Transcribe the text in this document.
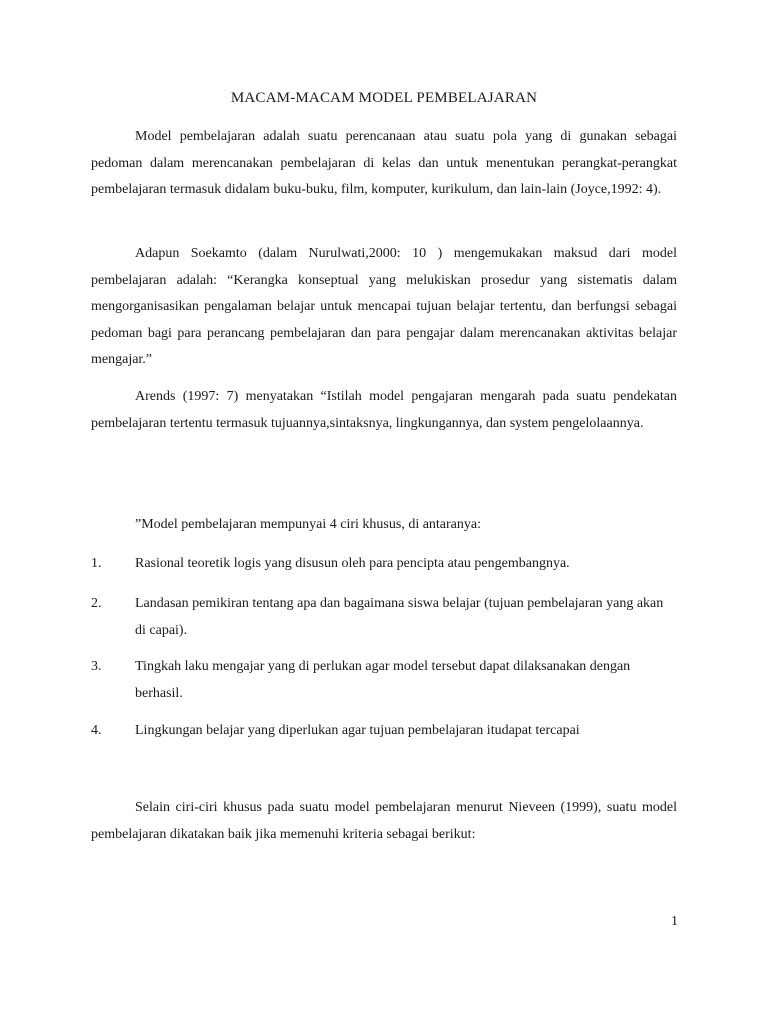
MACAM-MACAM MODEL PEMBELAJARAN
Model pembelajaran adalah suatu perencanaan atau suatu pola yang di gunakan sebagai pedoman dalam merencanakan pembelajaran di kelas dan untuk menentukan perangkat-perangkat pembelajaran termasuk didalam buku-buku, film, komputer, kurikulum, dan lain-lain (Joyce,1992: 4).
Adapun Soekamto (dalam Nurulwati,2000: 10 ) mengemukakan maksud dari model pembelajaran adalah: “Kerangka konseptual yang melukiskan prosedur yang sistematis dalam mengorganisasikan pengalaman belajar untuk mencapai tujuan belajar tertentu, dan berfungsi sebagai pedoman bagi para perancang pembelajaran dan para pengajar dalam merencanakan aktivitas belajar mengajar.”
Arends (1997: 7) menyatakan “Istilah model pengajaran mengarah pada suatu pendekatan pembelajaran tertentu termasuk tujuannya,sintaksnya, lingkungannya, dan system pengelolaannya.
”Model pembelajaran mempunyai 4 ciri khusus, di antaranya:
1. Rasional teoretik logis yang disusun oleh para pencipta atau pengembangnya.
2. Landasan pemikiran tentang apa dan bagaimana siswa belajar (tujuan pembelajaran yang akan di capai).
3. Tingkah laku mengajar yang di perlukan agar model tersebut dapat dilaksanakan dengan berhasil.
4. Lingkungan belajar yang diperlukan agar tujuan pembelajaran itudapat tercapai
Selain ciri-ciri khusus pada suatu model pembelajaran menurut Nieveen (1999), suatu model pembelajaran dikatakan baik jika memenuhi kriteria sebagai berikut:
1
